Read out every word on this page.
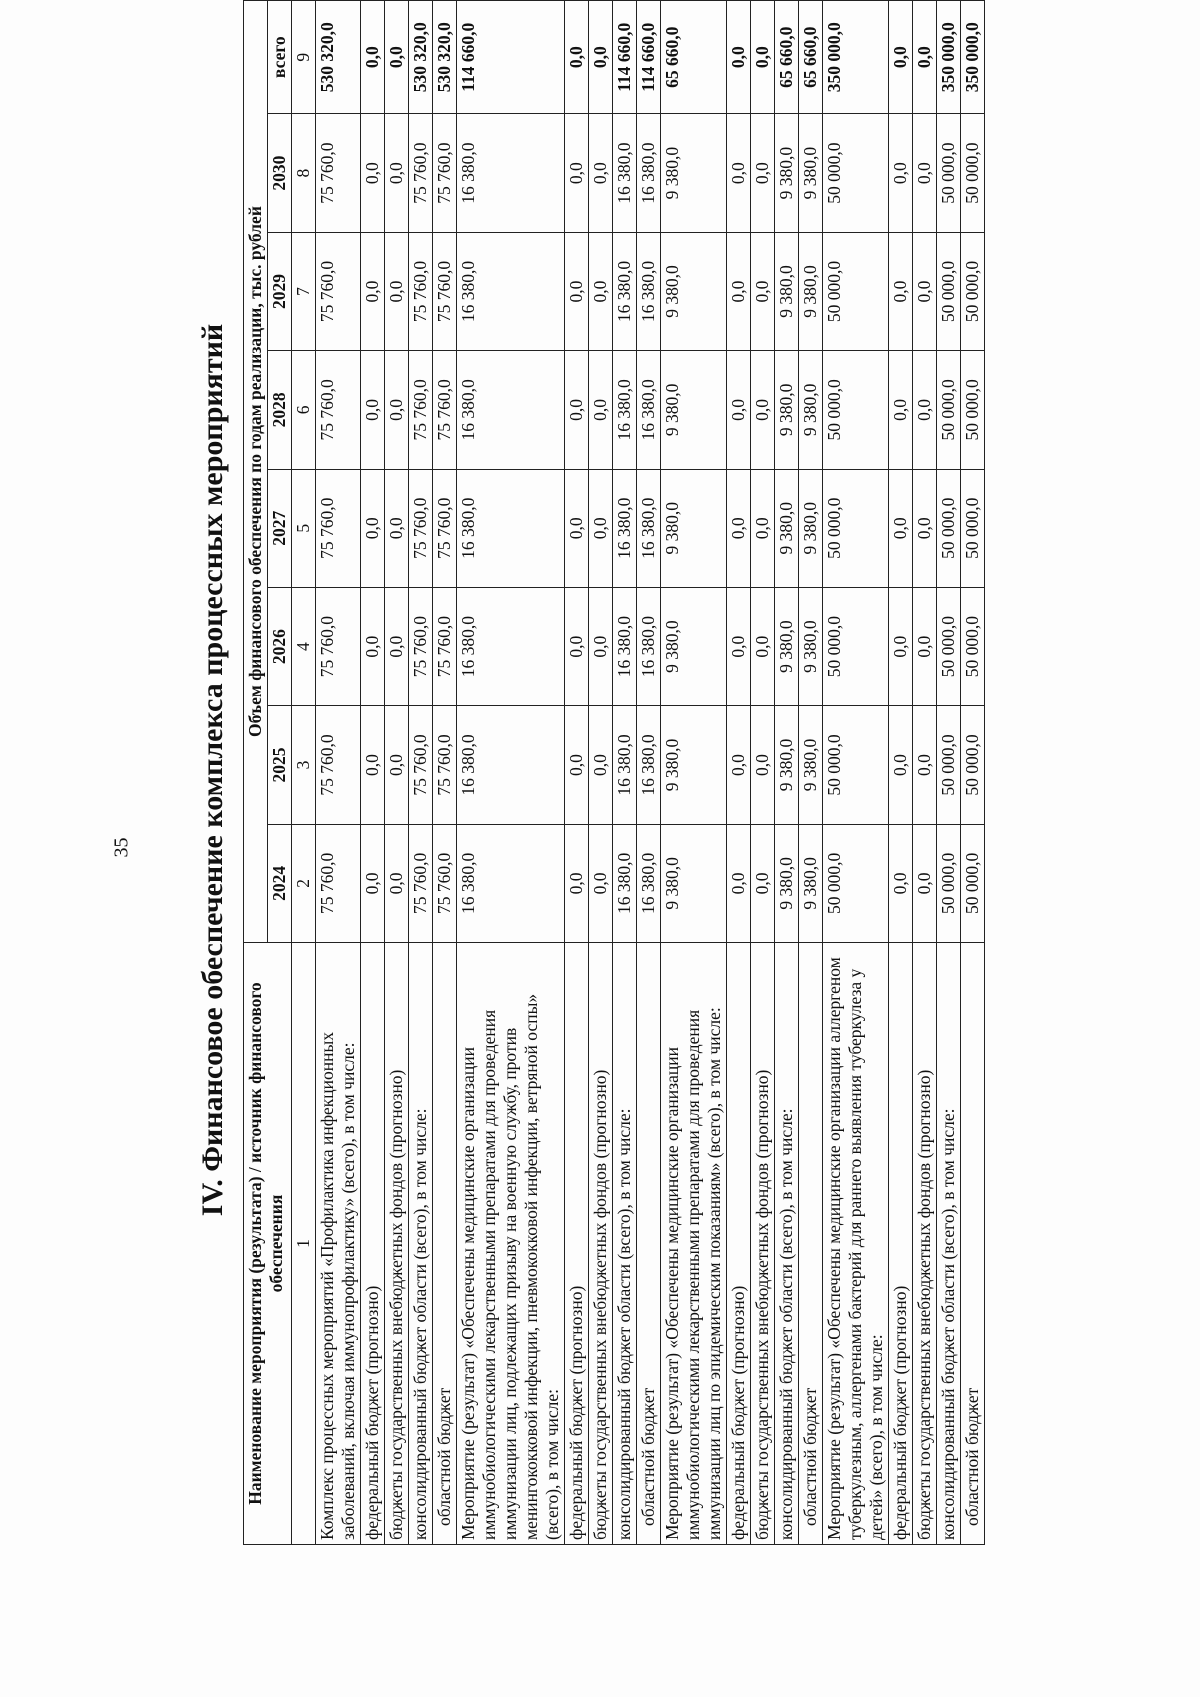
35 IV. Финансовое обеспечение комплекса процессных мероприятий
Наименование мероприятия (результата) / источник финансового обеспечения	Объем финансового обеспечения по годам реализации, тыс. рублей							
	2024	2025	2026	2027	2028	2029	2030	всего
1	2	3	4	5	6	7	8	9
Комплекс процессных мероприятий «Профилактика инфекционных заболеваний, включая иммунопрофилактику» (всего), в том числе:	75 760,0	75 760,0	75 760,0	75 760,0	75 760,0	75 760,0	75 760,0	530 320,0
федеральный бюджет (прогнозно)	0,0	0,0	0,0	0,0	0,0	0,0	0,0	0,0
бюджеты государственных внебюджетных фондов (прогнозно)	0,0	0,0	0,0	0,0	0,0	0,0	0,0	0,0
консолидированный бюджет области (всего), в том числе:	75 760,0	75 760,0	75 760,0	75 760,0	75 760,0	75 760,0	75 760,0	530 320,0
областной бюджет	75 760,0	75 760,0	75 760,0	75 760,0	75 760,0	75 760,0	75 760,0	530 320,0
Мероприятие (результат) «Обеспечены медицинские организации иммунобиологическими лекарственными препаратами для проведения иммунизации лиц, подлежащих призыву на военную службу, против менингококковой инфекции, пневмококковой инфекции, ветряной оспы» (всего), в том числе:	16 380,0	16 380,0	16 380,0	16 380,0	16 380,0	16 380,0	16 380,0	114 660,0
федеральный бюджет (прогнозно)	0,0	0,0	0,0	0,0	0,0	0,0	0,0	0,0
бюджеты государственных внебюджетных фондов (прогнозно)	0,0	0,0	0,0	0,0	0,0	0,0	0,0	0,0
консолидированный бюджет области (всего), в том числе:	16 380,0	16 380,0	16 380,0	16 380,0	16 380,0	16 380,0	16 380,0	114 660,0
областной бюджет	16 380,0	16 380,0	16 380,0	16 380,0	16 380,0	16 380,0	16 380,0	114 660,0
Мероприятие (результат) «Обеспечены медицинские организации иммунобиологическими лекарственными препаратами для проведения иммунизации лиц по эпидемическим показаниям» (всего), в том числе:	9 380,0	9 380,0	9 380,0	9 380,0	9 380,0	9 380,0	9 380,0	65 660,0
федеральный бюджет (прогнозно)	0,0	0,0	0,0	0,0	0,0	0,0	0,0	0,0
бюджеты государственных внебюджетных фондов (прогнозно)	0,0	0,0	0,0	0,0	0,0	0,0	0,0	0,0
консолидированный бюджет области (всего), в том числе:	9 380,0	9 380,0	9 380,0	9 380,0	9 380,0	9 380,0	9 380,0	65 660,0
областной бюджет	9 380,0	9 380,0	9 380,0	9 380,0	9 380,0	9 380,0	9 380,0	65 660,0
Мероприятие (результат) «Обеспечены медицинские организации аллергеном туберкулезным, аллергенами бактерий для раннего выявления туберкулеза у детей» (всего), в том числе:	50 000,0	50 000,0	50 000,0	50 000,0	50 000,0	50 000,0	50 000,0	350 000,0
федеральный бюджет (прогнозно)	0,0	0,0	0,0	0,0	0,0	0,0	0,0	0,0
бюджеты государственных внебюджетных фондов (прогнозно)	0,0	0,0	0,0	0,0	0,0	0,0	0,0	0,0
консолидированный бюджет области (всего), в том числе:	50 000,0	50 000,0	50 000,0	50 000,0	50 000,0	50 000,0	50 000,0	350 000,0
областной бюджет	50 000,0	50 000,0	50 000,0	50 000,0	50 000,0	50 000,0	50 000,0	350 000,0
